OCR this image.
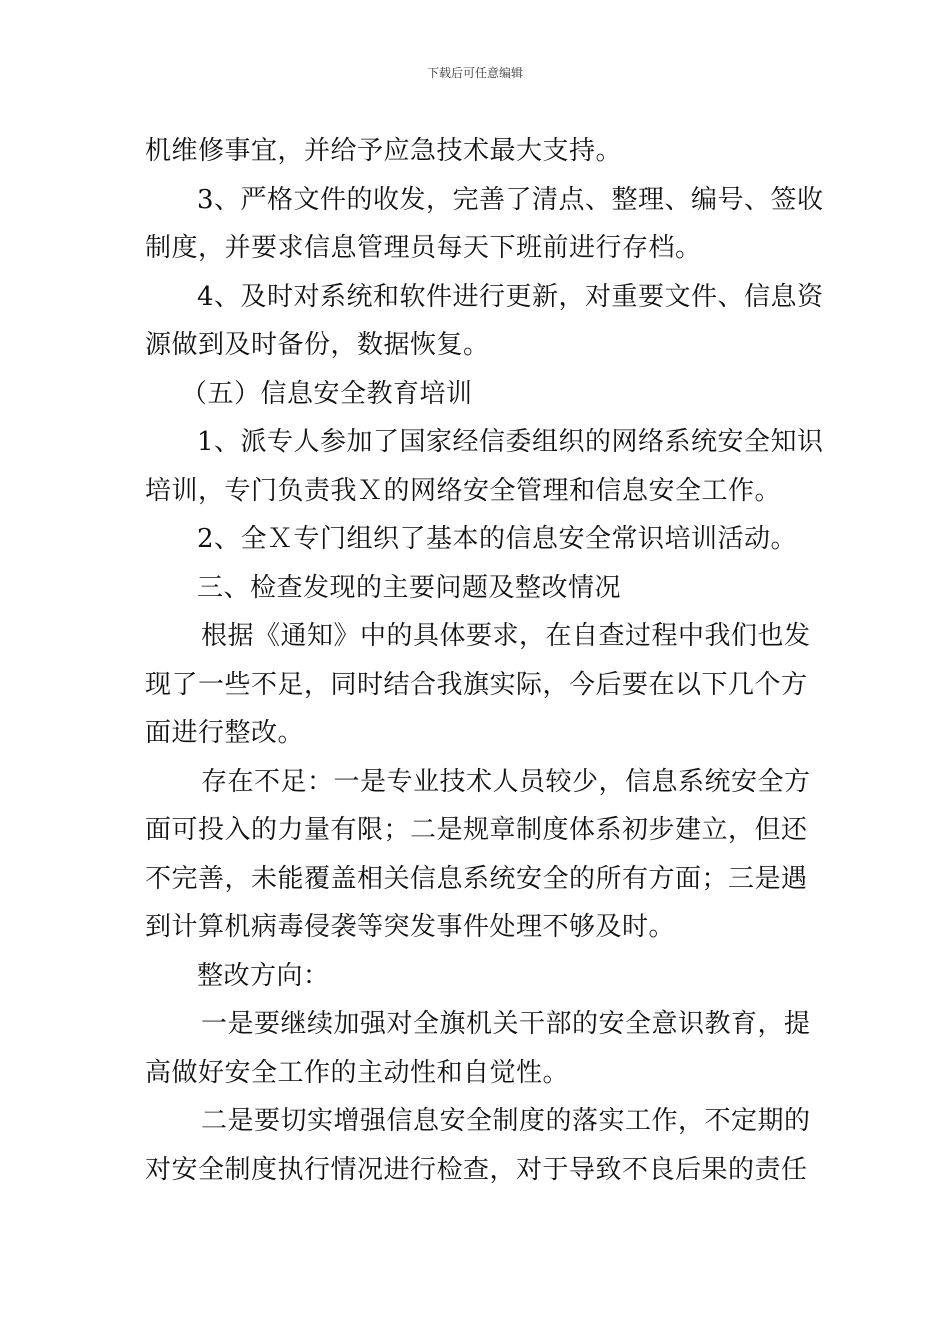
下载后可任意编辑

机维修事宜，并给予应急技术最大支持。

3、严格文件的收发，完善了清点、整理、编号、签收

制度，并要求信息管理员每天下班前进行存档。

4、及时对系统和软件进行更新，对重要文件、信息资

源做到及时备份，数据恢复。

（五）信息安全教育培训

1、派专人参加了国家经信委组织的网络系统安全知识

培训，专门负责我Ｘ的网络安全管理和信息安全工作。

2、全Ｘ专门组织了基本的信息安全常识培训活动。

三、检查发现的主要问题及整改情况

根据《通知》中的具体要求，在自查过程中我们也发

现了一些不足，同时结合我旗实际，今后要在以下几个方

面进行整改。

存在不足：一是专业技术人员较少，信息系统安全方

面可投入的力量有限；二是规章制度体系初步建立，但还

不完善，未能覆盖相关信息系统安全的所有方面；三是遇

到计算机病毒侵袭等突发事件处理不够及时。

整改方向：

一是要继续加强对全旗机关干部的安全意识教育，提

高做好安全工作的主动性和自觉性。

二是要切实增强信息安全制度的落实工作，不定期的

对安全制度执行情况进行检查，对于导致不良后果的责任
